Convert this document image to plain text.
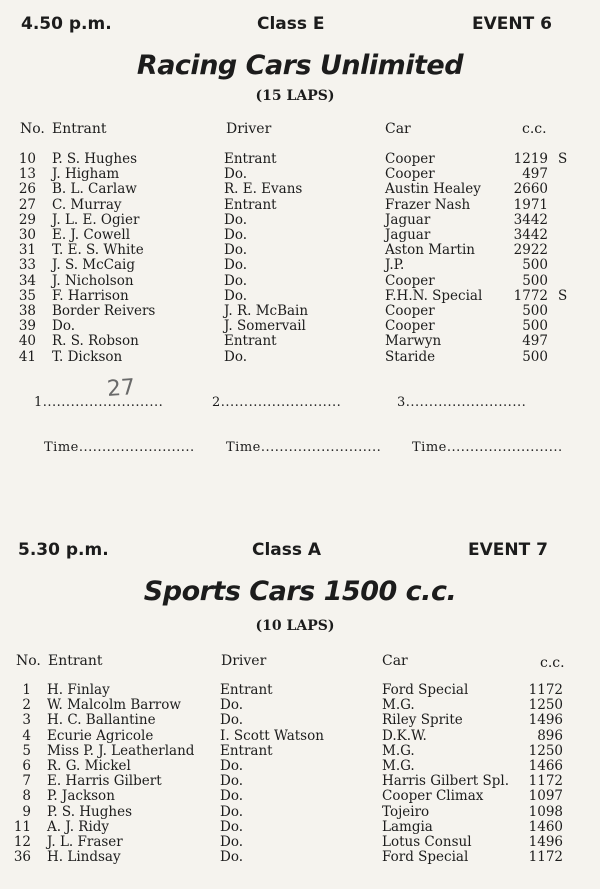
4.50 p.m.	Class E	EVENT 6
Racing Cars Unlimited
(15 LAPS)
No. Entrant	Driver	Car	c.c.
10 P. S. Hughes	Entrant	Cooper	1219 S
13 J. Higham	Do.	Cooper	497
26 B. L. Carlaw	R. E. Evans	Austin Healey	2660
27 C. Murray	Entrant	Frazer Nash	1971
29 J. L. E. Ogier	Do.	Jaguar	3442
30 E. J. Cowell	Do.	Jaguar	3442
31 T. E. S. White	Do.	Aston Martin	2922
33 J. S. McCaig	Do.	J.P.	500
34 J. Nicholson	Do.	Cooper	500
35 F. Harrison	Do.	F.H.N. Special	1772 S
38 Border Reivers	J. R. McBain	Cooper	500
39 Do.	J. Somervail	Cooper	500
40 R. S. Robson	Entrant	Marwyn	497
41 T. Dickson	Do.	Staride	500
27
1..........................	2..........................	3..........................
Time......................... Time.......................... Time.........................
5.30 p.m.	Class A	EVENT 7
Sports Cars 1500 c.c.
(10 LAPS)
No. Entrant	Driver	Car	c.c.
1 H. Finlay	Entrant	Ford Special	1172
2 W. Malcolm Barrow	Do.	M.G.	1250
3 H. C. Ballantine	Do.	Riley Sprite	1496
4 Ecurie Agricole	I. Scott Watson	D.K.W.	896
5 Miss P. J. Leatherland Entrant	M.G.	1250
6 R. G. Mickel	Do.	M.G.	1466
7 E. Harris Gilbert	Do.	Harris Gilbert Spl.	1172
8 P. Jackson	Do.	Cooper Climax	1097
9 P. S. Hughes	Do.	Tojeiro	1098
11 A. J. Ridy	Do.	Lamgia	1460
12 J. L. Fraser	Do.	Lotus Consul	1496
36 H. Lindsay	Do.	Ford Special	1172
